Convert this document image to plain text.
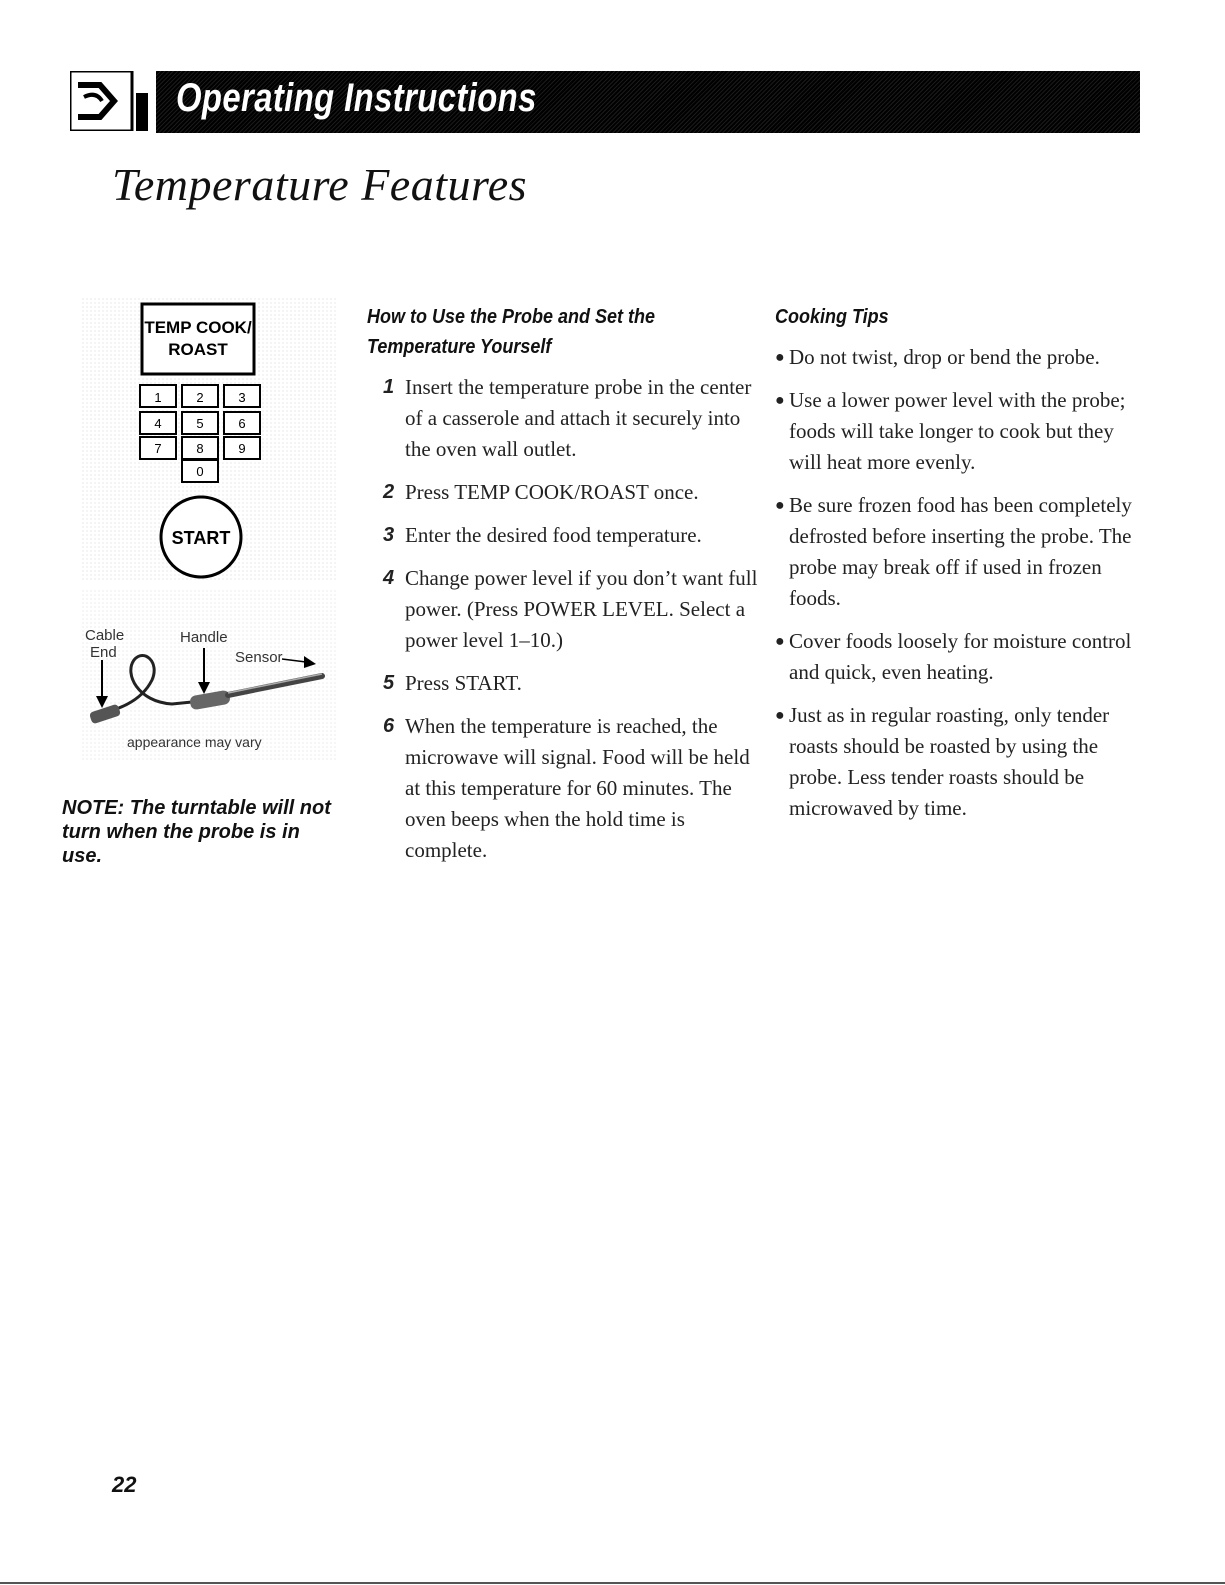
Operating Instructions
Temperature Features
TEMP COOK/
ROAST
1	2	3
4	5	6
7	8	9
0
START
Cable
End
Handle
Sensor
appearance may vary
NOTE: The turntable will not turn when the probe is in use.
How to Use the Probe and Set the
Temperature Yourself
1 Insert the temperature probe in the center of a casserole and attach it securely into the oven wall outlet.
2 Press TEMP COOK/ROAST once.
3 Enter the desired food temperature.
4 Change power level if you don’t want full power. (Press POWER LEVEL. Select a power level 1–10.)
5 Press START.
6 When the temperature is reached, the microwave will signal. Food will be held at this temperature for 60 minutes. The oven beeps when the hold time is complete.
Cooking Tips
● Do not twist, drop or bend the probe.
● Use a lower power level with the probe; foods will take longer to cook but they will heat more evenly.
● Be sure frozen food has been completely defrosted before inserting the probe. The probe may break off if used in frozen foods.
● Cover foods loosely for moisture control and quick, even heating.
● Just as in regular roasting, only tender roasts should be roasted by using the probe. Less tender roasts should be microwaved by time.
22
